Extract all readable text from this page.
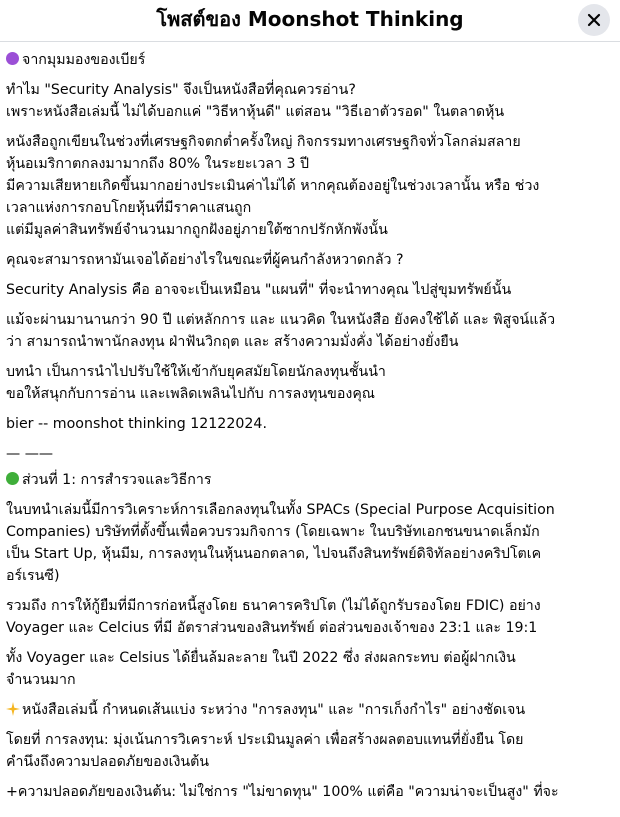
โพสต์ของ Moonshot Thinking
จากมุมมองของเบียร์
ทำไม "Security Analysis" จึงเป็นหนังสือที่คุณควรอ่าน?
เพราะหนังสือเล่มนี้ ไม่ได้บอกแค่ "วิธีหาหุ้นดี" แต่สอน "วิธีเอาตัวรอด" ในตลาดหุ้น
หนังสือถูกเขียนในช่วงที่เศรษฐกิจตกต่ำครั้งใหญ่ กิจกรรมทางเศรษฐกิจทั่วโลกล่มสลาย
หุ้นอเมริกาตกลงมามากถึง 80% ในระยะเวลา 3 ปี
มีความเสียหายเกิดขึ้นมากอย่างประเมินค่าไม่ได้ หากคุณต้องอยู่ในช่วงเวลานั้น หรือ ช่วง
เวลาแห่งการกอบโกยหุ้นที่มีราคาแสนถูก
แต่มีมูลค่าสินทรัพย์จำนวนมากถูกฝังอยู่ภายใต้ซากปรักหักพังนั้น
คุณจะสามารถหามันเจอได้อย่างไรในขณะที่ผู้คนกำลังหวาดกลัว ?
Security Analysis คือ อาจจะเป็นเหมือน "แผนที่" ที่จะนำทางคุณ ไปสู่ขุมทรัพย์นั้น
แม้จะผ่านมานานกว่า 90 ปี แต่หลักการ และ แนวคิด ในหนังสือ ยังคงใช้ได้ และ พิสูจน์แล้ว
ว่า สามารถนำพานักลงทุน ฝ่าฟันวิกฤต และ สร้างความมั่งคั่ง ได้อย่างยั่งยืน
บทนำ เป็นการนำไปปรับใช้ให้เข้ากับยุคสมัยโดยนักลงทุนชั้นนำ
ขอให้สนุกกับการอ่าน และเพลิดเพลินไปกับ การลงทุนของคุณ
bier -- moonshot thinking 12122024.
— ——
ส่วนที่ 1: การสำรวจและวิธีการ
ในบทนำเล่มนี้มีการวิเคราะห์การเลือกลงทุนในทั้ง SPACs (Special Purpose Acquisition
Companies) บริษัทที่ตั้งขึ้นเพื่อควบรวมกิจการ (โดยเฉพาะ ในบริษัทเอกชนขนาดเล็กมัก
เป็น Start Up, หุ้นมีม, การลงทุนในหุ้นนอกตลาด, ไปจนถึงสินทรัพย์ดิจิทัลอย่างคริปโตเค
อร์เรนซี)
รวมถึง การให้กู้ยืมที่มีการก่อหนี้สูงโดย ธนาคารคริปโต (ไม่ได้ถูกรับรองโดย FDIC) อย่าง
Voyager และ Celcius ที่มี อัตราส่วนของสินทรัพย์ ต่อส่วนของเจ้าของ 23:1 และ 19:1
ทั้ง Voyager และ Celsius ได้ยื่นล้มละลาย ในปี 2022 ซึ่ง ส่งผลกระทบ ต่อผู้ฝากเงิน
จำนวนมาก
หนังสือเล่มนี้ กำหนดเส้นแบ่ง ระหว่าง "การลงทุน" และ "การเก็งกำไร" อย่างชัดเจน
โดยที่ การลงทุน: มุ่งเน้นการวิเคราะห์ ประเมินมูลค่า เพื่อสร้างผลตอบแทนที่ยั่งยืน โดย
คำนึงถึงความปลอดภัยของเงินต้น
+ความปลอดภัยของเงินต้น: ไม่ใช่การ "ไม่ขาดทุน" 100% แต่คือ "ความน่าจะเป็นสูง" ที่จะ
